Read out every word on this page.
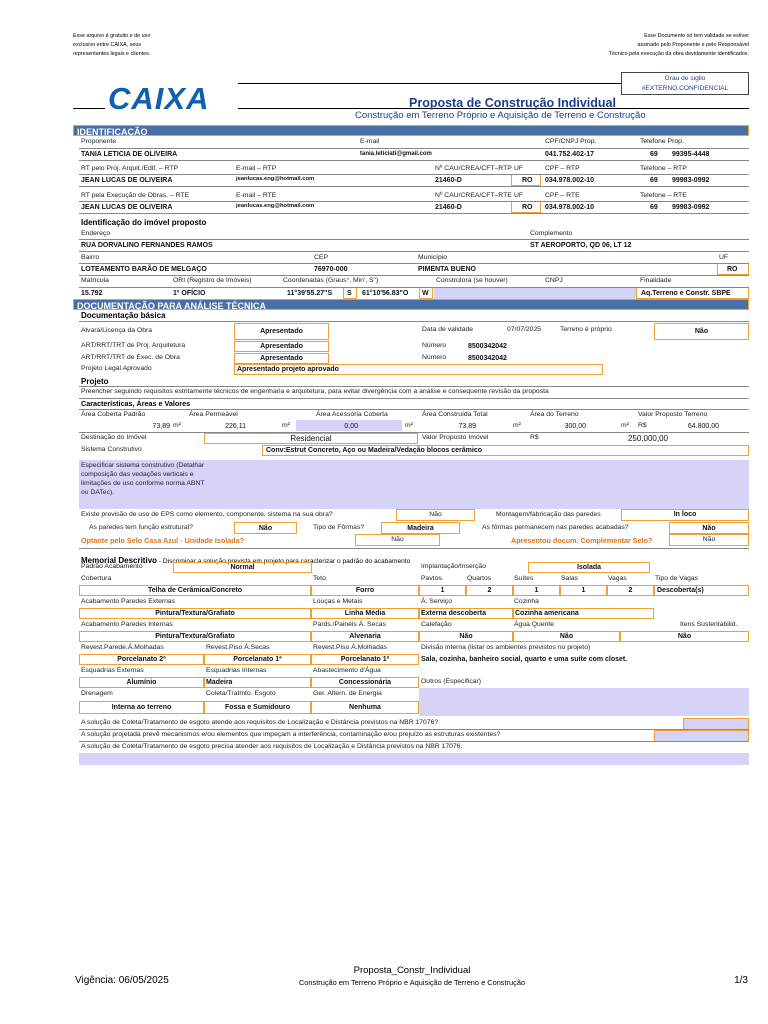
Esse arquivo é gratuito e de uso
exclusivo entre CAIXA, seus
representantes legais e clientes.
Esse Documento só tem validade se estiver
assinado pelo Proponente e pelo Responsável
Técnico pela execução da obra devidamente identificados.
CAIXA
Grau de sigilo
#EXTERNO.CONFIDENCIAL
Proposta de Construção Individual
Construção em Terreno Próprio e Aquisição de Terreno e Construção
IDENTIFICAÇÃO
Proponente	E-mail	CPF/CNPJ Prop.	Telefone Prop.
TANIA LETICIA DE OLIVEIRA	tania.leticiati@gmail.com	041.752.402-17	69 99395-4448
RT pelo Proj. Arquit./Edif. – RTP	E-mail – RTP	Nº CAU/CREA/CFT–RTP UF	CPF – RTP	Telefone – RTP
JEAN LUCAS DE OLIVEIRA	jeanlucas.eng@hotmail.com	21460-D	RO 034.978.002-10	69 99983-0992
RT pela Execução de Obras. – RTE	E-mail – RTE	Nº CAU/CREA/CFT–RTE UF	CPF – RTE	Telefone – RTE
JEAN LUCAS DE OLIVEIRA	jeanlucas.eng@hotmail.com	21460-D	RO 034.978.002-10	69 99983-0992
Identificação do imóvel proposto
Endereço	Complemento
RUA DORVALINO FERNANDES RAMOS	ST AEROPORTO, QD 06, LT 12
Bairro	CEP	Município	UF
LOTEAMENTO BARÃO DE MELGAÇO	76970-000	PIMENTA BUENO	RO
Matrícula	ORI (Registro de Imóveis)	Coordenadas (Graus°, Min', S")	Construtora (se houver)	CNPJ	Finalidade
15.792	1º OFÍCIO	11°39'55.27"S S 61°10'56.83"O W	Aq.Terreno e Constr. SBPE
DOCUMENTAÇÃO PARA ANÁLISE TÉCNICA
Documentação básica
Alvará/Licença da Obra	Apresentado	Data de validade	07/07/2025	Terreno é próprio	Não
ART/RRT/TRT de Proj. Arquitetura	Apresentado	Número	8500342042
ART/RRT/TRT de Exec. de Obra	Apresentado	Número	8500342042
Projeto Legal Aprovado	Apresentado projeto aprovado
Projeto
Preencher seguindo requisitos estritamente técnicos de engenharia e arquitetura, para evitar divergência com a análise e consequente revisão da proposta
Características, Áreas e Valores
Área Coberta Padrão	Área Permeável	Área Acessória Coberta	Área Construída Total	Área do Terreno	Valor Proposto Terreno
73,89 m²	226,11	m²	0,00	m²	73,89	m²	300,00	m² R$	64.800,00
Destinação do Imóvel	Residencial	Valor Proposto Imóvel	R$	250.000,00
Sistema Construtivo	Conv:Estrut Concreto, Aço ou Madeira/Vedação blocos cerâmico
Especificar sistema construtivo (Detalhar
composição das vedações verticais e
limitações de uso conforme norma ABNT
ou DATec).
Existe previsão de uso de EPS como elemento, componente, sistema na sua obra?	Não	Montagem/fabricação das paredes	In loco
As paredes tem função estrutural?	Não	Tipo de Fôrmas?	Madeira	As fôrmas permanecem nas paredes acabadas?	Não
Optante pelo Selo Casa Azul - Unidade Isolada?	Não	Apresentou docum. Complementar Selo?	Não
Memorial Descritivo - Discriminar a solução prevista em projeto para caracterizar o padrão do acabamento
Padrão Acabamento	Normal	Implantação/Inserção	Isolada
Cobertura	Teto	Pavtos.	Quartos	Suítes	Salas	Vagas	Tipo de Vagas
Telha de Cerâmica/Concreto	Forro	1	2	1	1	2	Descoberta(s)
Acabamento Paredes Externas	Louças e Metais	Á. Serviço	Cozinha
Pintura/Textura/Grafiato	Linha Média	Externa descoberta	Cozinha americana
Acabamento Paredes Internas	Pards./Painéis Á. Secas	Calefação	Água Quente	Itens Sustentabilid.
Pintura/Textura/Grafiato	Alvenaria	Não	Não	Não
Revest.Parede.Á.Molhadas	Revest.Piso Á.Secas	Revest.Piso Á.Molhadas	Divisão interna (listar os ambientes previstos no projeto)
Porcelanato 2ª	Porcelanato 1ª	Porcelanato 1ª	Sala, cozinha, banheiro social, quarto e uma suíte com closet.
Esquadrias Externas	Esquadrias Internas	Abastecimento d'Água
Alumínio	Madeira	Concessionária	Outros (Especificar)
Drenagem	Coleta/Tratmto. Esgoto	Ger. Altern. de Energia
Interna ao terreno	Fossa e Sumidouro	Nenhuma
A solução de Coleta/Tratamento de esgoto atende aos requisitos de Localização e Distância previstos na NBR 17076?
A solução projetada prevê mecanismos e/ou elementos que impeçam a interferência, contaminação e/ou prejuízo as estruturas existentes?
A solução de Coleta/Tratamento de esgoto precisa atender aos requisitos de Localização e Distância previstos na NBR 17076.
Vigência: 06/05/2025
Proposta_Constr_Individual
Construção em Terreno Próprio e Aquisição de Terreno e Construção	1/3
